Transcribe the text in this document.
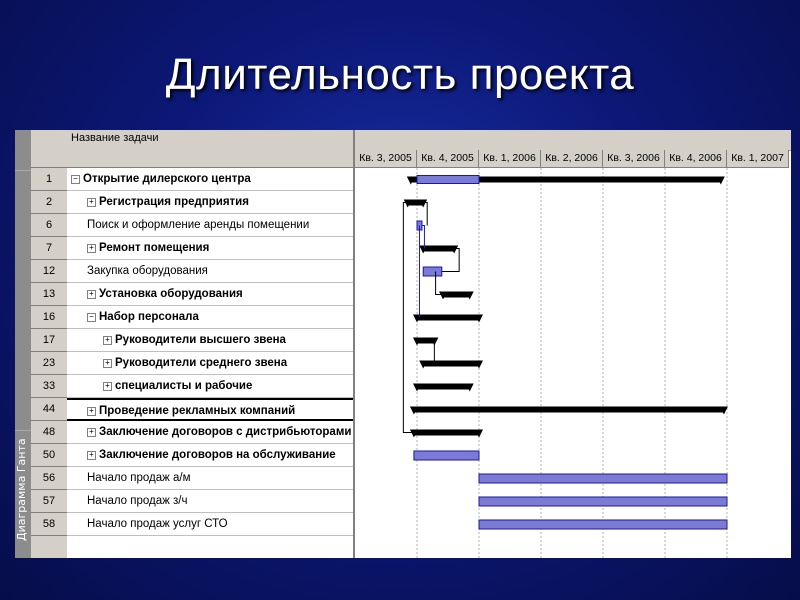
Длительность проекта
Диаграмма Ганта
1
2
6
7
12
13
16
17
23
33
44
48
50
56
57
58
Название задачи
− Открытие дилерского центра
+ Регистрация предприятия
Поиск и оформление аренды помещении
+ Ремонт помещения
Закупка оборудования
+ Установка оборудования
− Набор персонала
+ Руководители высшего звена
+ Руководители среднего звена
+ специалисты и рабочие
+ Проведение рекламных компаний
+ Заключение договоров с дистрибьюторами
+ Заключение договоров на обслуживание
Начало продаж а/м
Начало продаж з/ч
Начало продаж услуг СТО
Кв. 3, 2005 Кв. 4, 2005 Кв. 1, 2006 Кв. 2, 2006 Кв. 3, 2006 Кв. 4, 2006 Кв. 1, 2007
